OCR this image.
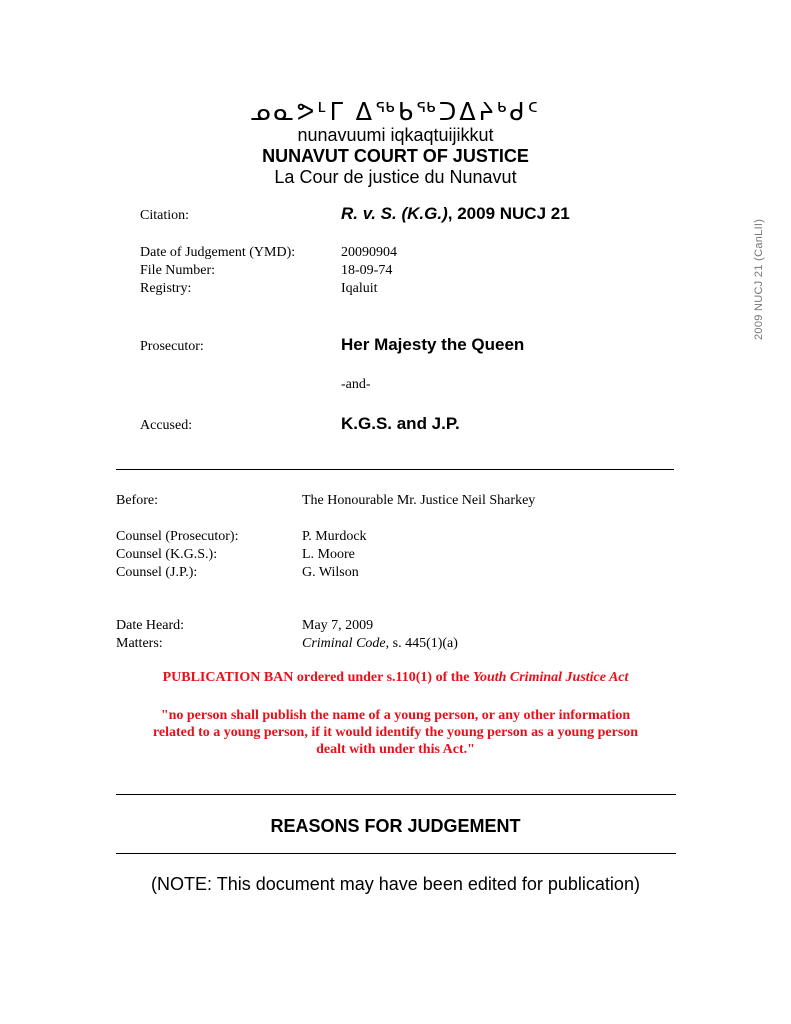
ᓄᓇᕗᒻᒥ ᐃᖅᑲᖅᑐᐃᔨᒃᑯᑦ
nunavuumi iqkaqtuijikkut
NUNAVUT COURT OF JUSTICE
La Cour de justice du Nunavut
2009 NUCJ 21 (CanLII)
Citation:	R. v. S. (K.G.), 2009 NUCJ 21
Date of Judgement (YMD):	20090904
File Number:	18-09-74
Registry:	Iqaluit
Prosecutor:	Her Majesty the Queen
-and-
Accused:	K.G.S. and J.P.
Before:	The Honourable Mr. Justice Neil Sharkey
Counsel (Prosecutor):	P. Murdock
Counsel (K.G.S.):	L. Moore
Counsel (J.P.):	G. Wilson
Date Heard:	May 7, 2009
Matters:	Criminal Code, s. 445(1)(a)
PUBLICATION BAN ordered under s.110(1) of the Youth Criminal Justice Act
"no person shall publish the name of a young person, or any other information
related to a young person, if it would identify the young person as a young person
dealt with under this Act."
REASONS FOR JUDGEMENT
(NOTE: This document may have been edited for publication)
